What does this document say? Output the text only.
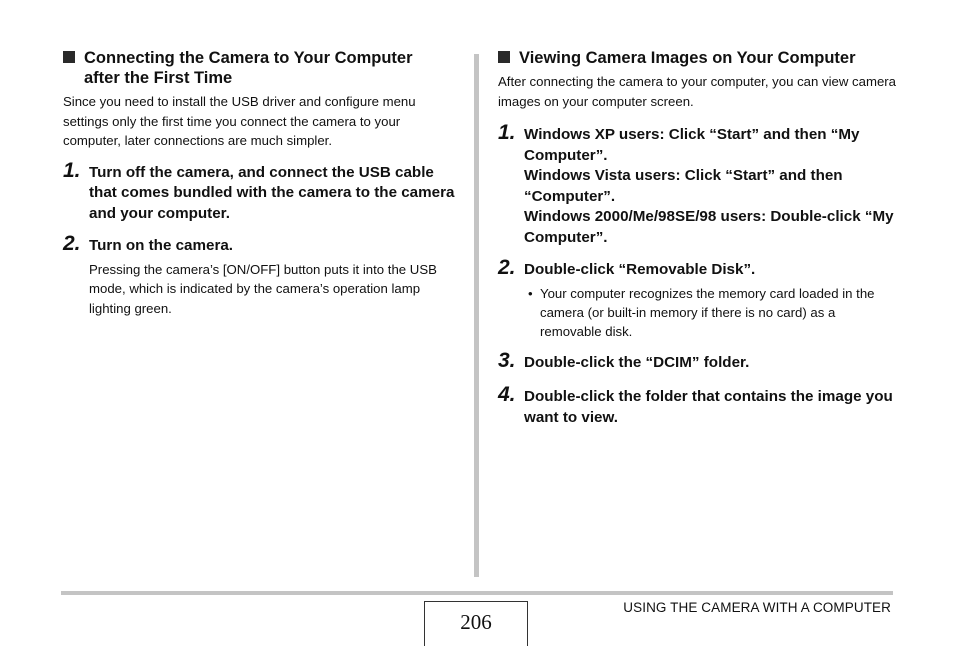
Connecting the Camera to Your Computer
after the First Time
Since you need to install the USB driver and configure menu settings only the first time you connect the camera to your computer, later connections are much simpler.
1. Turn off the camera, and connect the USB cable that comes bundled with the camera to the camera and your computer.
2. Turn on the camera.
Pressing the camera’s [ON/OFF] button puts it into the USB mode, which is indicated by the camera’s operation lamp lighting green.
Viewing Camera Images on Your Computer
After connecting the camera to your computer, you can view camera images on your computer screen.
1. Windows XP users: Click “Start” and then “My Computer”.
Windows Vista users: Click “Start” and then “Computer”.
Windows 2000/Me/98SE/98 users: Double-click “My Computer”.
2. Double-click “Removable Disk”.
• Your computer recognizes the memory card loaded in the camera (or built-in memory if there is no card) as a removable disk.
3. Double-click the “DCIM” folder.
4. Double-click the folder that contains the image you want to view.
206
USING THE CAMERA WITH A COMPUTER
